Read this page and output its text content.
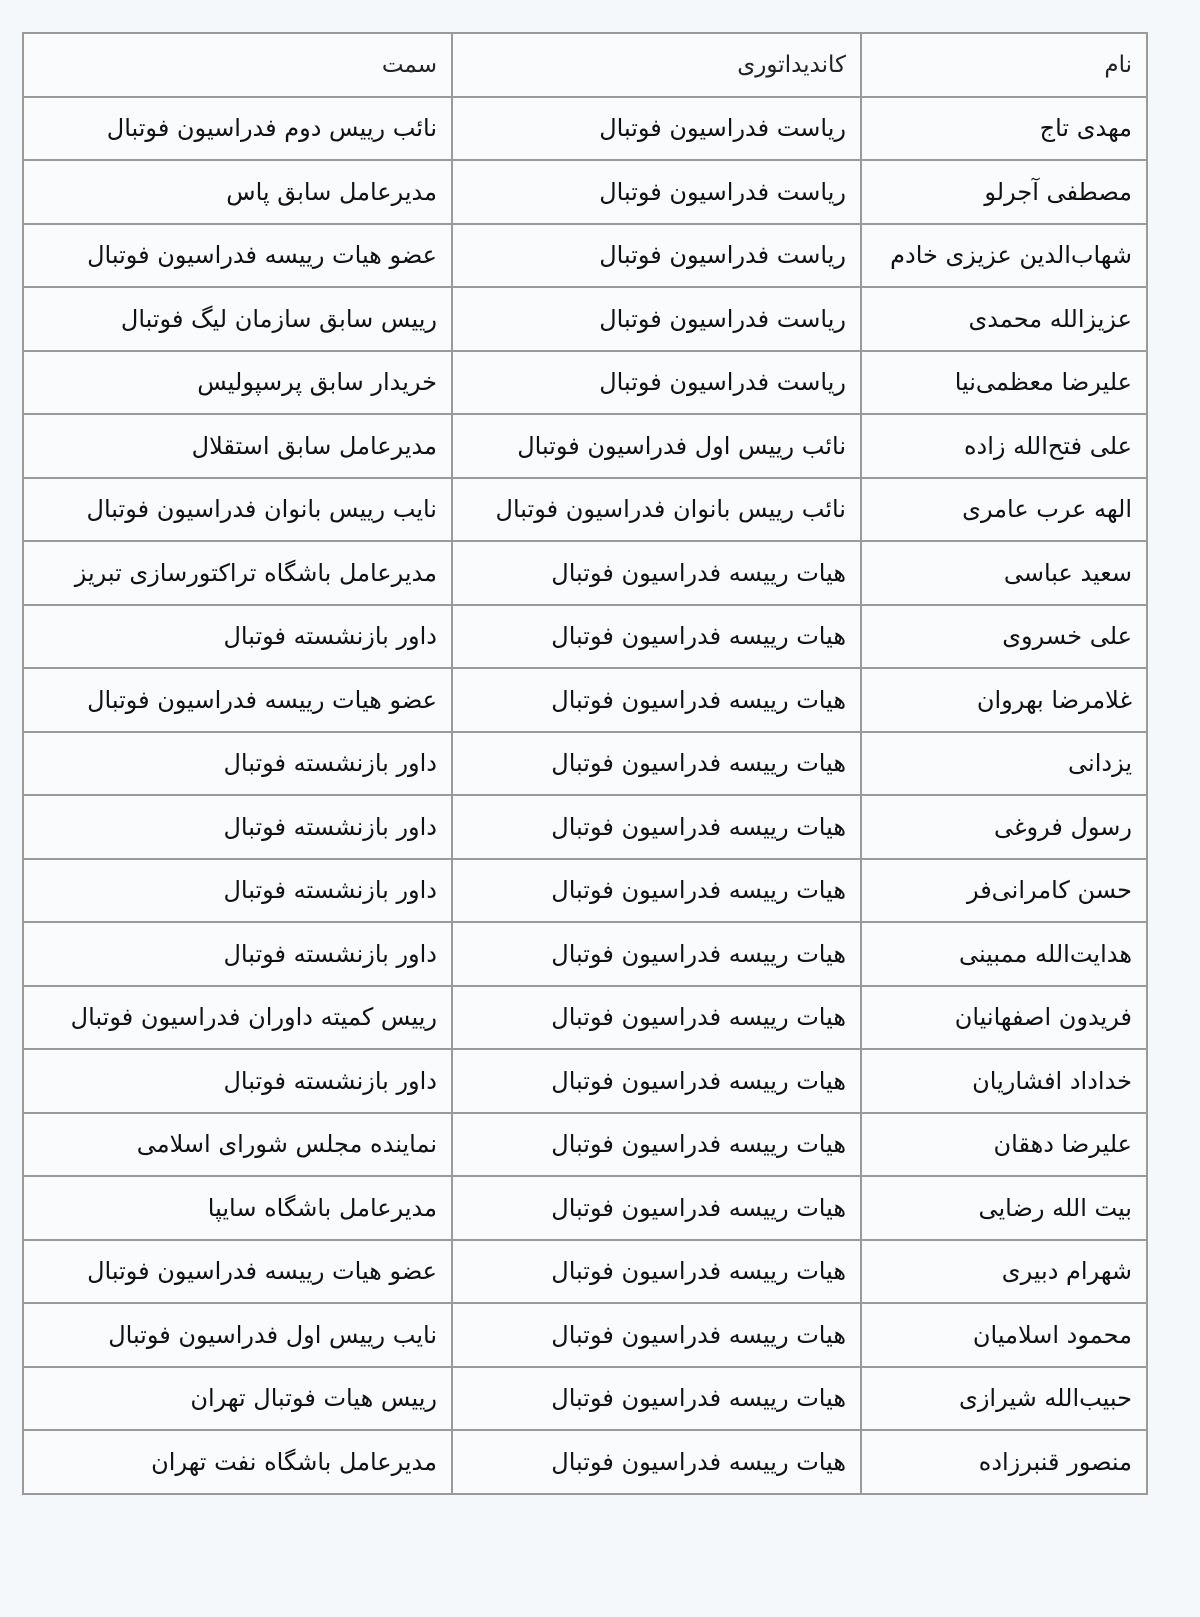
نام	کاندیداتوری	سمت
مهدی تاج	ریاست فدراسیون فوتبال	نائب رییس دوم فدراسیون فوتبال
مصطفی آجرلو	ریاست فدراسیون فوتبال	مدیرعامل سابق پاس
شهاب‌الدین عزیزی خادم	ریاست فدراسیون فوتبال	عضو هیات رییسه فدراسیون فوتبال
عزیزالله محمدی	ریاست فدراسیون فوتبال	رییس سابق سازمان لیگ فوتبال
علیرضا معظمی‌نیا	ریاست فدراسیون فوتبال	خریدار سابق پرسپولیس
علی فتح‌الله زاده	نائب رییس اول فدراسیون فوتبال	مدیرعامل سابق استقلال
الهه عرب عامری	نائب رییس بانوان فدراسیون فوتبال	نایب رییس بانوان فدراسیون فوتبال
سعید عباسی	هیات رییسه فدراسیون فوتبال	مدیرعامل باشگاه تراکتورسازی تبریز
علی خسروی	هیات رییسه فدراسیون فوتبال	داور بازنشسته فوتبال
غلامرضا بهروان	هیات رییسه فدراسیون فوتبال	عضو هیات رییسه فدراسیون فوتبال
یزدانی	هیات رییسه فدراسیون فوتبال	داور بازنشسته فوتبال
رسول فروغی	هیات رییسه فدراسیون فوتبال	داور بازنشسته فوتبال
حسن کامرانی‌فر	هیات رییسه فدراسیون فوتبال	داور بازنشسته فوتبال
هدایت‌الله ممبینی	هیات رییسه فدراسیون فوتبال	داور بازنشسته فوتبال
فریدون اصفهانیان	هیات رییسه فدراسیون فوتبال	رییس کمیته داوران فدراسیون فوتبال
خداداد افشاریان	هیات رییسه فدراسیون فوتبال	داور بازنشسته فوتبال
علیرضا دهقان	هیات رییسه فدراسیون فوتبال	نماینده مجلس شورای اسلامی
بیت الله رضایی	هیات رییسه فدراسیون فوتبال	مدیرعامل باشگاه سایپا
شهرام دبیری	هیات رییسه فدراسیون فوتبال	عضو هیات رییسه فدراسیون فوتبال
محمود اسلامیان	هیات رییسه فدراسیون فوتبال	نایب رییس اول فدراسیون فوتبال
حبیب‌الله شیرازی	هیات رییسه فدراسیون فوتبال	رییس هیات فوتبال تهران
منصور قنبرزاده	هیات رییسه فدراسیون فوتبال	مدیرعامل باشگاه نفت تهران
